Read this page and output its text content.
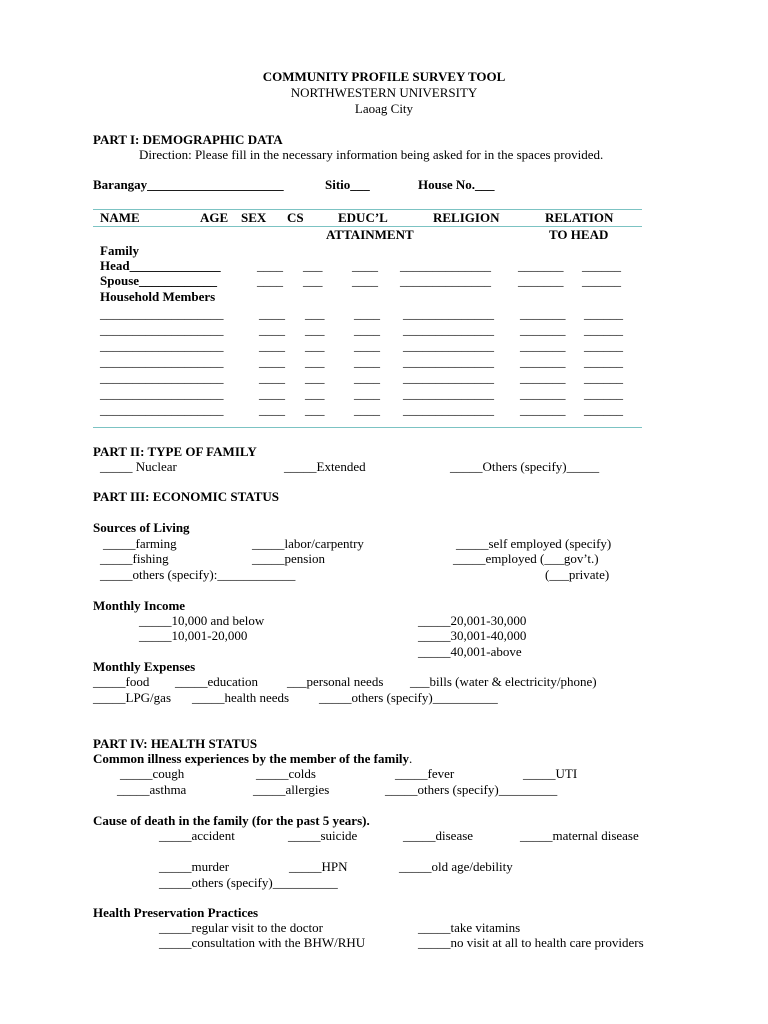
COMMUNITY PROFILE SURVEY TOOL
NORTHWESTERN UNIVERSITY
Laoag City
PART I: DEMOGRAPHIC DATA
Direction: Please fill in the necessary information being asked for in the spaces provided.
Barangay_____________________	Sitio___	House No.___
NAME	AGE SEX CS	EDUC’L	RELIGION	RELATION
ATTAINMENT	TO HEAD
Family
Head______________	____ ___ ____ ______________ _______ ______
Spouse____________	____ ___ ____ ______________ _______ ______
Household Members
___________________	____ ___ ____ ______________ _______ ______
___________________	____ ___ ____ ______________ _______ ______
___________________	____ ___ ____ ______________ _______ ______
___________________	____ ___ ____ ______________ _______ ______
___________________	____ ___ ____ ______________ _______ ______
___________________	____ ___ ____ ______________ _______ ______
___________________	____ ___ ____ ______________ _______ ______
PART II: TYPE OF FAMILY
_____ Nuclear	_____Extended	_____Others (specify)_____
PART III: ECONOMIC STATUS
Sources of Living
_____farming	_____labor/carpentry	_____self employed (specify)
_____fishing	_____pension	_____employed (___gov’t.)
_____others (specify):____________	(___private)
Monthly Income
_____10,000 and below	_____20,001-30,000
_____10,001-20,000	_____30,001-40,000
_____40,001-above
Monthly Expenses
_____food _____education ___personal needs ___bills (water & electricity/phone)
_____LPG/gas _____health needs _____others (specify)__________
PART IV: HEALTH STATUS
Common illness experiences by the member of the family.
_____cough	_____colds	_____fever	_____UTI
_____asthma	_____allergies	_____others (specify)_________
Cause of death in the family (for the past 5 years).
_____accident	_____suicide	_____disease	_____maternal disease
_____murder	_____HPN	_____old age/debility
_____others (specify)__________
Health Preservation Practices
_____regular visit to the doctor	_____take vitamins
_____consultation with the BHW/RHU	_____no visit at all to health care providers
